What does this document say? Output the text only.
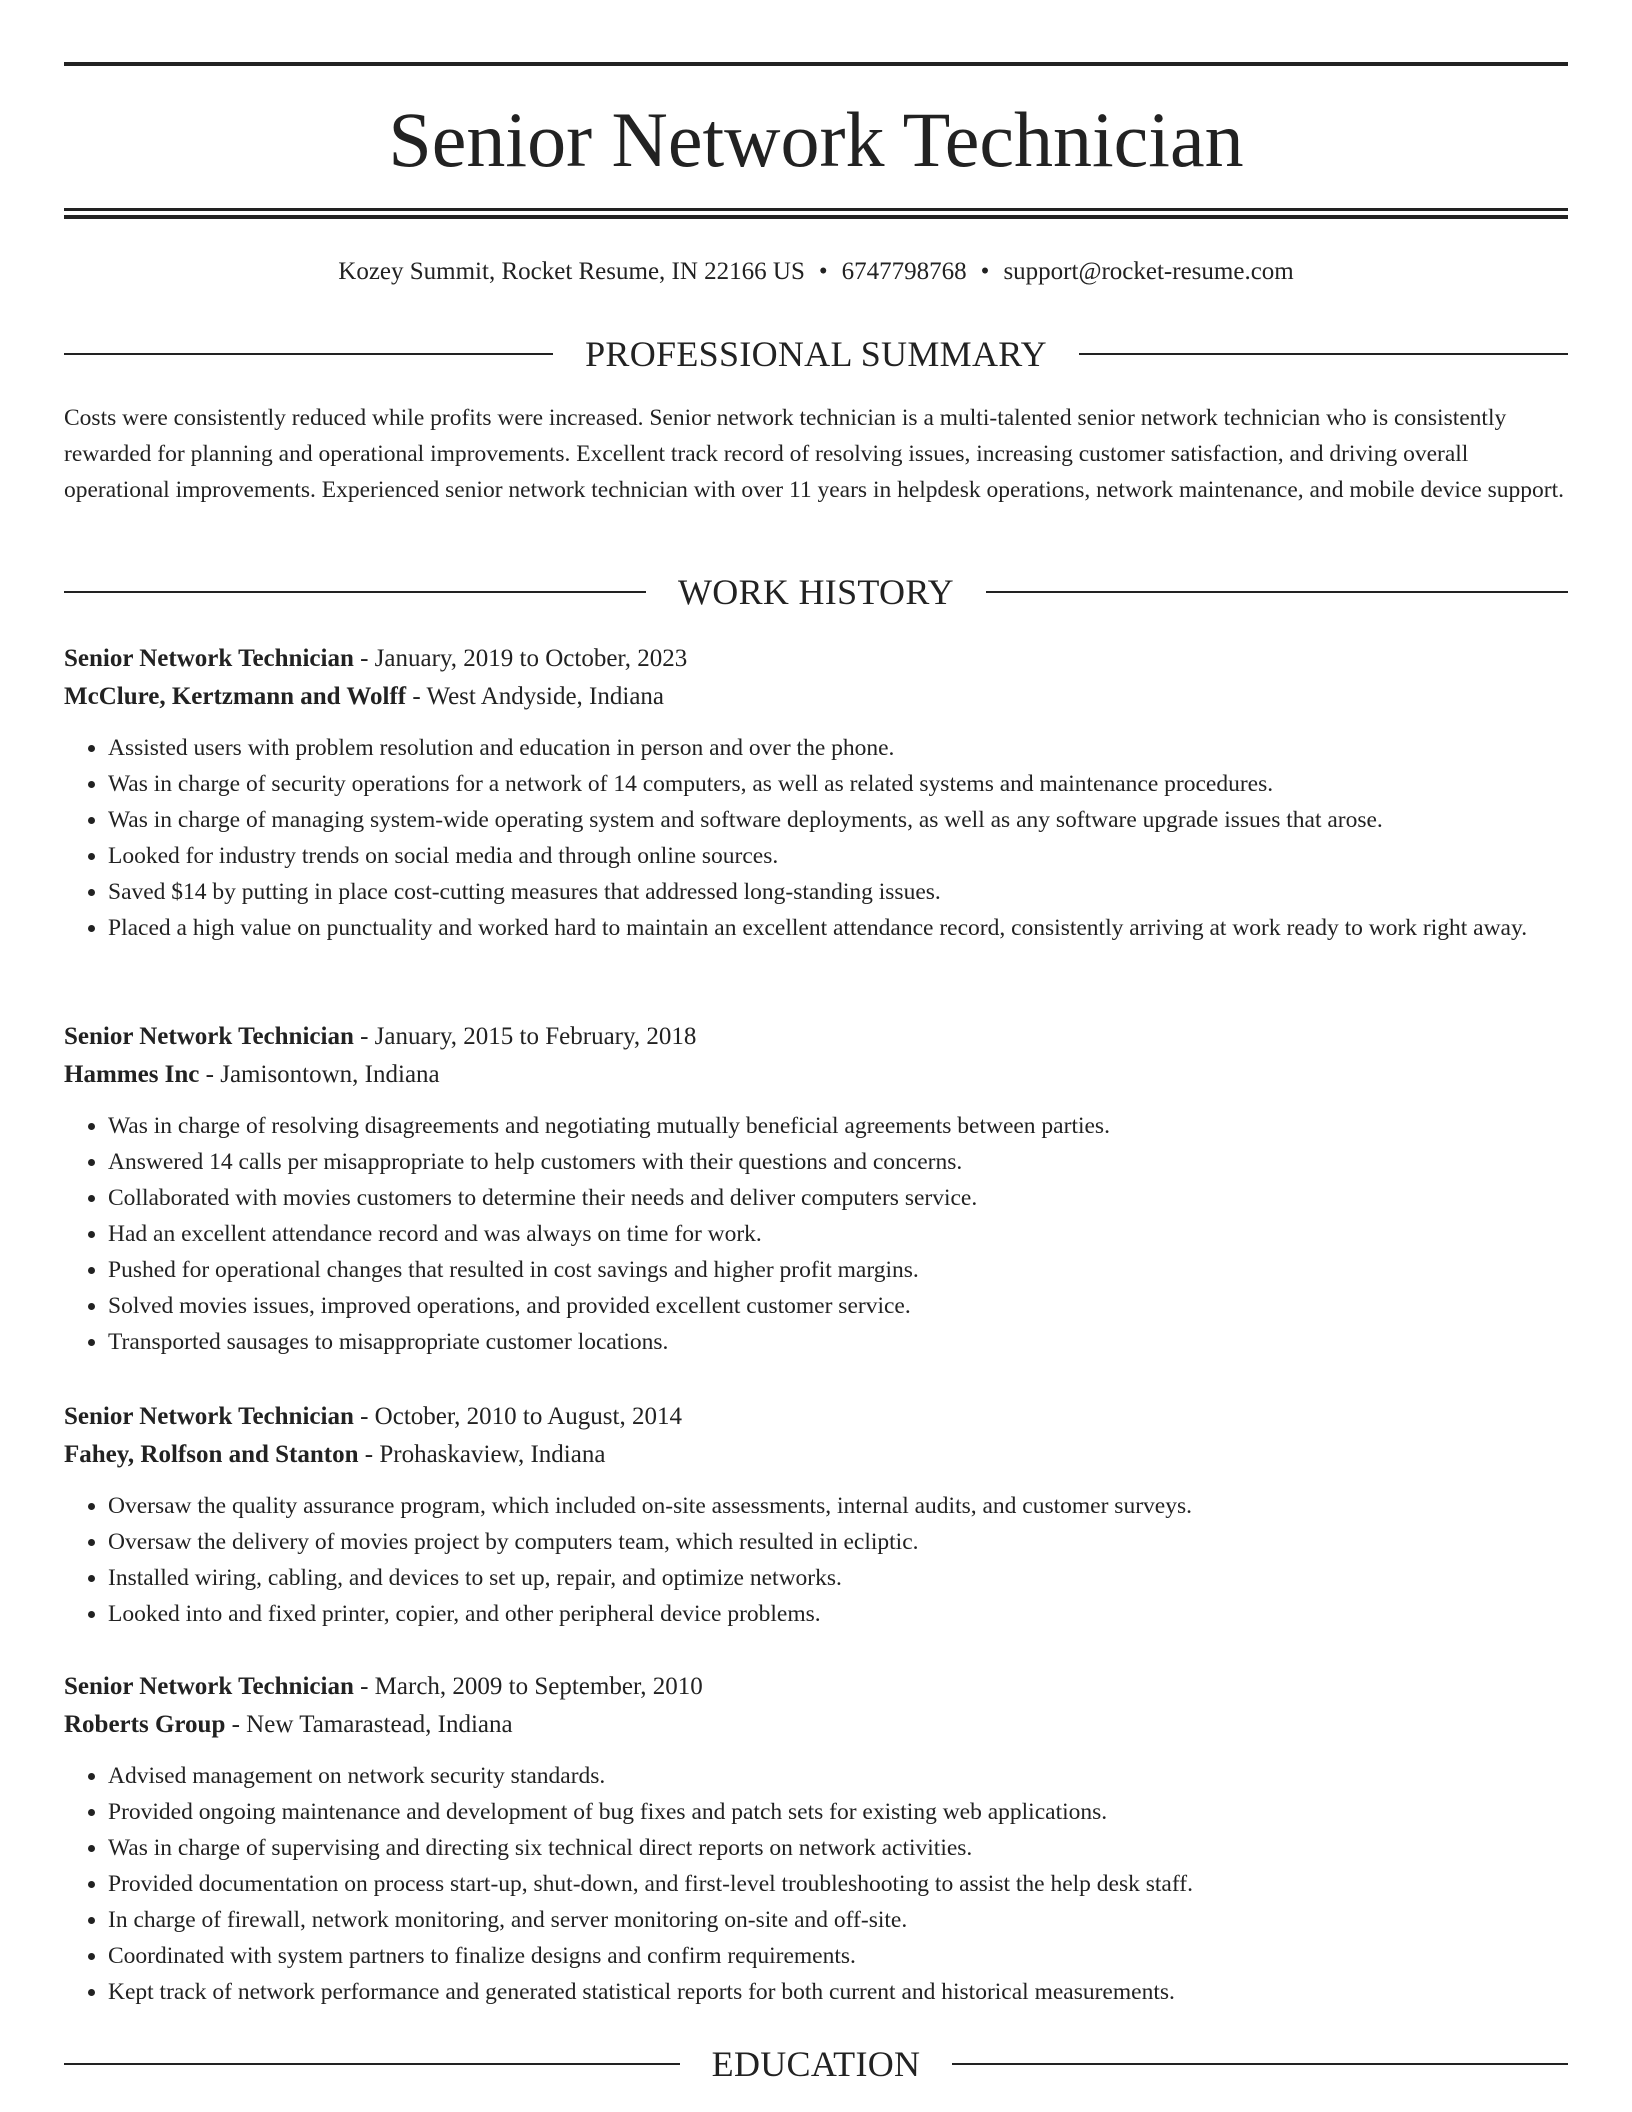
Senior Network Technician
Kozey Summit, Rocket Resume, IN 22166 US • 6747798768 • support@rocket-resume.com
PROFESSIONAL SUMMARY

Costs were consistently reduced while profits were increased. Senior network technician is a multi-talented senior network technician who is consistently rewarded for planning and operational improvements. Excellent track record of resolving issues, increasing customer satisfaction, and driving overall operational improvements. Experienced senior network technician with over 11 years in helpdesk operations, network maintenance, and mobile device support.

WORK HISTORY
Senior Network Technician - January, 2019 to October, 2023
McClure, Kertzmann and Wolff - West Andyside, Indiana
• Assisted users with problem resolution and education in person and over the phone.
• Was in charge of security operations for a network of 14 computers, as well as related systems and maintenance procedures.
• Was in charge of managing system-wide operating system and software deployments, as well as any software upgrade issues that arose.
• Looked for industry trends on social media and through online sources.
• Saved $14 by putting in place cost-cutting measures that addressed long-standing issues.
• Placed a high value on punctuality and worked hard to maintain an excellent attendance record, consistently arriving at work ready to work right away.
Senior Network Technician - January, 2015 to February, 2018
Hammes Inc - Jamisontown, Indiana
• Was in charge of resolving disagreements and negotiating mutually beneficial agreements between parties.
• Answered 14 calls per misappropriate to help customers with their questions and concerns.
• Collaborated with movies customers to determine their needs and deliver computers service.
• Had an excellent attendance record and was always on time for work.
• Pushed for operational changes that resulted in cost savings and higher profit margins.
• Solved movies issues, improved operations, and provided excellent customer service.
• Transported sausages to misappropriate customer locations.
Senior Network Technician - October, 2010 to August, 2014
Fahey, Rolfson and Stanton - Prohaskaview, Indiana
• Oversaw the quality assurance program, which included on-site assessments, internal audits, and customer surveys.
• Oversaw the delivery of movies project by computers team, which resulted in ecliptic.
• Installed wiring, cabling, and devices to set up, repair, and optimize networks.
• Looked into and fixed printer, copier, and other peripheral device problems.
Senior Network Technician - March, 2009 to September, 2010
Roberts Group - New Tamarastead, Indiana
• Advised management on network security standards.
• Provided ongoing maintenance and development of bug fixes and patch sets for existing web applications.
• Was in charge of supervising and directing six technical direct reports on network activities.
• Provided documentation on process start-up, shut-down, and first-level troubleshooting to assist the help desk staff.
• In charge of firewall, network monitoring, and server monitoring on-site and off-site.
• Coordinated with system partners to finalize designs and confirm requirements.
• Kept track of network performance and generated statistical reports for both current and historical measurements.
EDUCATION
